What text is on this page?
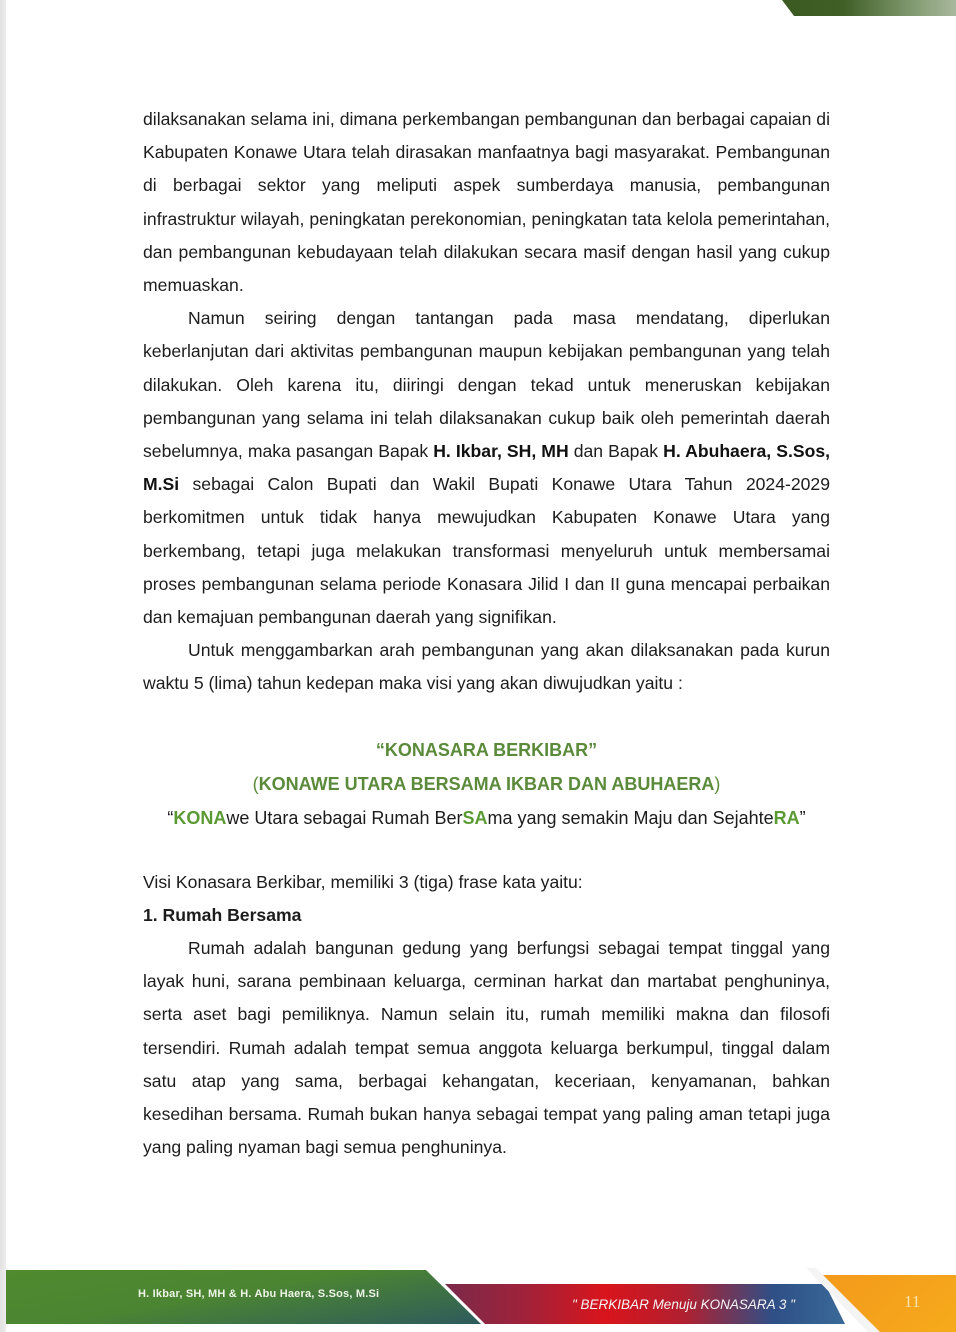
dilaksanakan selama ini, dimana perkembangan pembangunan dan berbagai capaian di Kabupaten Konawe Utara telah dirasakan manfaatnya bagi masyarakat. Pembangunan di berbagai sektor yang meliputi aspek sumberdaya manusia, pembangunan infrastruktur wilayah, peningkatan perekonomian, peningkatan tata kelola pemerintahan, dan pembangunan kebudayaan telah dilakukan secara masif dengan hasil yang cukup memuaskan.

Namun seiring dengan tantangan pada masa mendatang, diperlukan keberlanjutan dari aktivitas pembangunan maupun kebijakan pembangunan yang telah dilakukan. Oleh karena itu, diiringi dengan tekad untuk meneruskan kebijakan pembangunan yang selama ini telah dilaksanakan cukup baik oleh pemerintah daerah sebelumnya, maka pasangan Bapak H. Ikbar, SH, MH dan Bapak H. Abuhaera, S.Sos, M.Si sebagai Calon Bupati dan Wakil Bupati Konawe Utara Tahun 2024-2029 berkomitmen untuk tidak hanya mewujudkan Kabupaten Konawe Utara yang berkembang, tetapi juga melakukan transformasi menyeluruh untuk membersamai proses pembangunan selama periode Konasara Jilid I dan II guna mencapai perbaikan dan kemajuan pembangunan daerah yang signifikan.

Untuk menggambarkan arah pembangunan yang akan dilaksanakan pada kurun waktu 5 (lima) tahun kedepan maka visi yang akan diwujudkan yaitu :

“KONASARA BERKIBAR”
(KONAWE UTARA BERSAMA IKBAR DAN ABUHAERA)
“KONAwe Utara sebagai Rumah BerSAma yang semakin Maju dan SejahteRA”

Visi Konasara Berkibar, memiliki 3 (tiga) frase kata yaitu:

1. Rumah Bersama

Rumah adalah bangunan gedung yang berfungsi sebagai tempat tinggal yang layak huni, sarana pembinaan keluarga, cerminan harkat dan martabat penghuninya, serta aset bagi pemiliknya. Namun selain itu, rumah memiliki makna dan filosofi tersendiri. Rumah adalah tempat semua anggota keluarga berkumpul, tinggal dalam satu atap yang sama, berbagai kehangatan, keceriaan, kenyamanan, bahkan kesedihan bersama. Rumah bukan hanya sebagai tempat yang paling aman tetapi juga yang paling nyaman bagi semua penghuninya.

H. Ikbar, SH, MH & H. Abu Haera, S.Sos, M.Si
" BERKIBAR Menuju KONASARA 3 "	11
